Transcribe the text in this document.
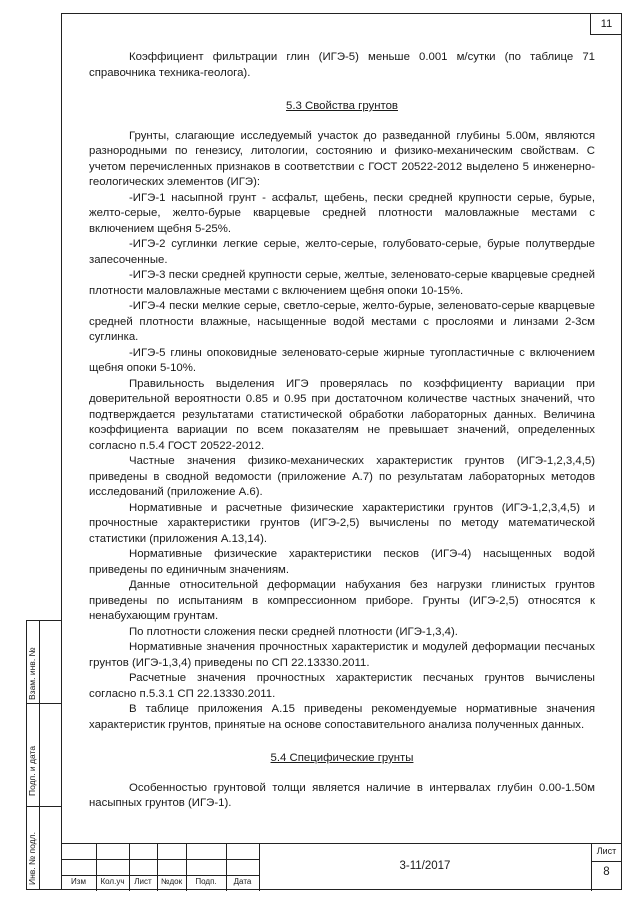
11

Коэффициент фильтрации глин (ИГЭ-5) меньше 0.001 м/сутки (по таблице 71 справочника техника-геолога).

5.3 Свойства грунтов

Грунты, слагающие исследуемый участок до разведанной глубины 5.00м, являются разнородными по генезису, литологии, состоянию и физико-механическим свойствам. С учетом перечисленных признаков в соответствии с ГОСТ 20522-2012 выделено 5 инженерно-геологических элементов (ИГЭ):

-ИГЭ-1 насыпной грунт - асфальт, щебень, пески средней крупности серые, бурые, желто-серые, желто-бурые кварцевые средней плотности маловлажные местами с включением щебня 5-25%.

-ИГЭ-2 суглинки легкие серые, желто-серые, голубовато-серые, бурые полутвердые запесоченные.

-ИГЭ-3 пески средней крупности серые, желтые, зеленовато-серые кварцевые средней плотности маловлажные местами с включением щебня опоки 10-15%.

-ИГЭ-4 пески мелкие серые, светло-серые, желто-бурые, зеленовато-серые кварцевые средней плотности влажные, насыщенные водой местами с прослоями и линзами 2-3см суглинка.

-ИГЭ-5 глины опоковидные зеленовато-серые жирные тугопластичные с включением щебня опоки 5-10%.

Правильность выделения ИГЭ проверялась по коэффициенту вариации при доверительной вероятности 0.85 и 0.95 при достаточном количестве частных значений, что подтверждается результатами статистической обработки лабораторных данных. Величина коэффициента вариации по всем показателям не превышает значений, определенных согласно п.5.4 ГОСТ 20522-2012.

Частные значения физико-механических характеристик грунтов (ИГЭ-1,2,3,4,5) приведены в сводной ведомости (приложение А.7) по результатам лабораторных методов исследований (приложение А.6).

Нормативные и расчетные физические характеристики грунтов (ИГЭ-1,2,3,4,5) и прочностные характеристики грунтов (ИГЭ-2,5) вычислены по методу математической статистики (приложения А.13,14).

Нормативные физические характеристики песков (ИГЭ-4) насыщенных водой приведены по единичным значениям.

Данные относительной деформации набухания без нагрузки глинистых грунтов приведены по испытаниям в компрессионном приборе. Грунты (ИГЭ-2,5) относятся к ненабухающим грунтам.

По плотности сложения пески средней плотности (ИГЭ-1,3,4).

Нормативные значения прочностных характеристик и модулей деформации песчаных грунтов (ИГЭ-1,3,4) приведены по СП 22.13330.2011.

Расчетные значения прочностных характеристик песчаных грунтов вычислены согласно п.5.3.1 СП 22.13330.2011.

В таблице приложения А.15 приведены рекомендуемые нормативные значения характеристик грунтов, принятые на основе сопоставительного анализа полученных данных.

5.4 Специфические грунты

Особенностью грунтовой толщи является наличие в интервалах глубин 0.00-1.50м насыпных грунтов (ИГЭ-1).

Взам. инв. №
Подп. и дата
Инв. № подл.	Изм	Кол.уч	Лист	№док	Подп.	Дата
3-11/2017
Лист
8
